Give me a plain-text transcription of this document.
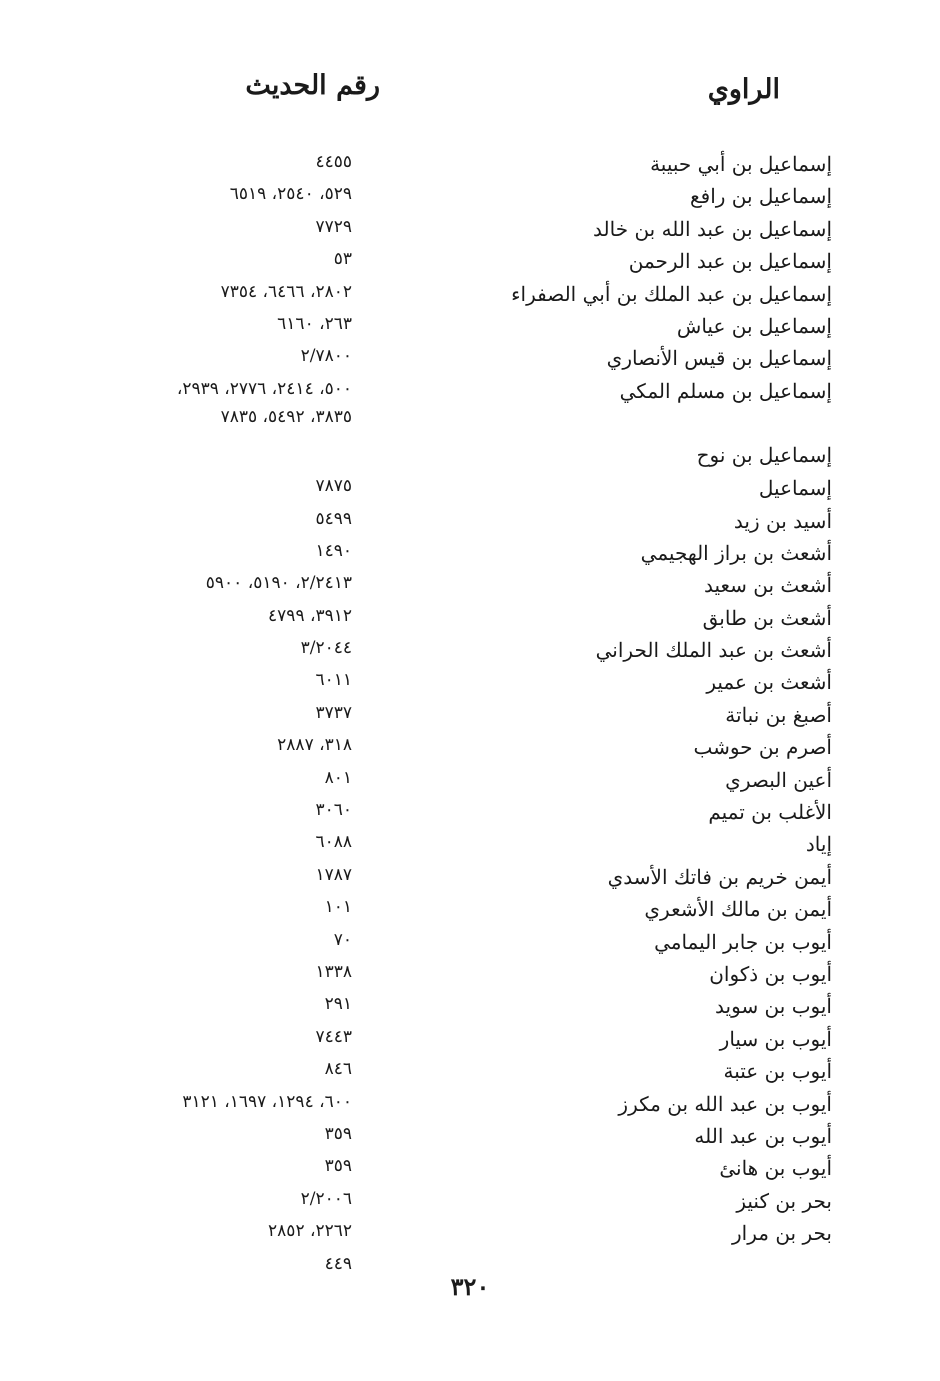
الراوي
رقم الحديث
إسماعيل بن أبي حبيبة
٤٤٥٥
إسماعيل بن رافع
٥٢٩، ٢٥٤٠، ٦٥١٩
إسماعيل بن عبد الله بن خالد
٧٧٢٩
إسماعيل بن عبد الرحمن
٥٣
إسماعيل بن عبد الملك بن أبي الصفراء
٢٨٠٢، ٦٤٦٦، ٧٣٥٤
إسماعيل بن عياش
٢٦٣، ٦١٦٠
إسماعيل بن قيس الأنصاري
٢/٧٨٠٠
إسماعيل بن مسلم المكي
٥٠٠، ٢٤١٤، ٢٧٧٦، ٢٩٣٩،
إسماعيل بن نوح
٣٨٣٥، ٥٤٩٢، ٧٨٣٥
إسماعيل
٧٨٧٥
أسيد بن زيد
٥٤٩٩
أشعث بن براز الهجيمي
١٤٩٠
أشعث بن سعيد
٢/٢٤١٣، ٥١٩٠، ٥٩٠٠
أشعث بن طابق
٣٩١٢، ٤٧٩٩
أشعث بن عبد الملك الحراني
٣/٢٠٤٤
أشعث بن عمير
٦٠١١
أصبغ بن نباتة
٣٧٣٧
أصرم بن حوشب
٣١٨، ٢٨٨٧
أعين البصري
٨٠١
الأغلب بن تميم
٣٠٦٠
إياد
٦٠٨٨
أيمن خريم بن فاتك الأسدي
١٧٨٧
أيمن بن مالك الأشعري
١٠١
أيوب بن جابر اليمامي
٧٠
أيوب بن ذكوان
١٣٣٨
أيوب بن سويد
٢٩١
أيوب بن سيار
٧٤٤٣
أيوب بن عتبة
٨٤٦
أيوب بن عبد الله بن مكرز
٦٠٠، ١٢٩٤، ١٦٩٧، ٣١٢١
أيوب بن عبد الله
٣٥٩
أيوب بن هانئ
٣٥٩
بحر بن كنيز
٢/٢٠٠٦
بحر بن مرار
٢٢٦٢، ٢٨٥٢
٤٤٩
٣٢٠
